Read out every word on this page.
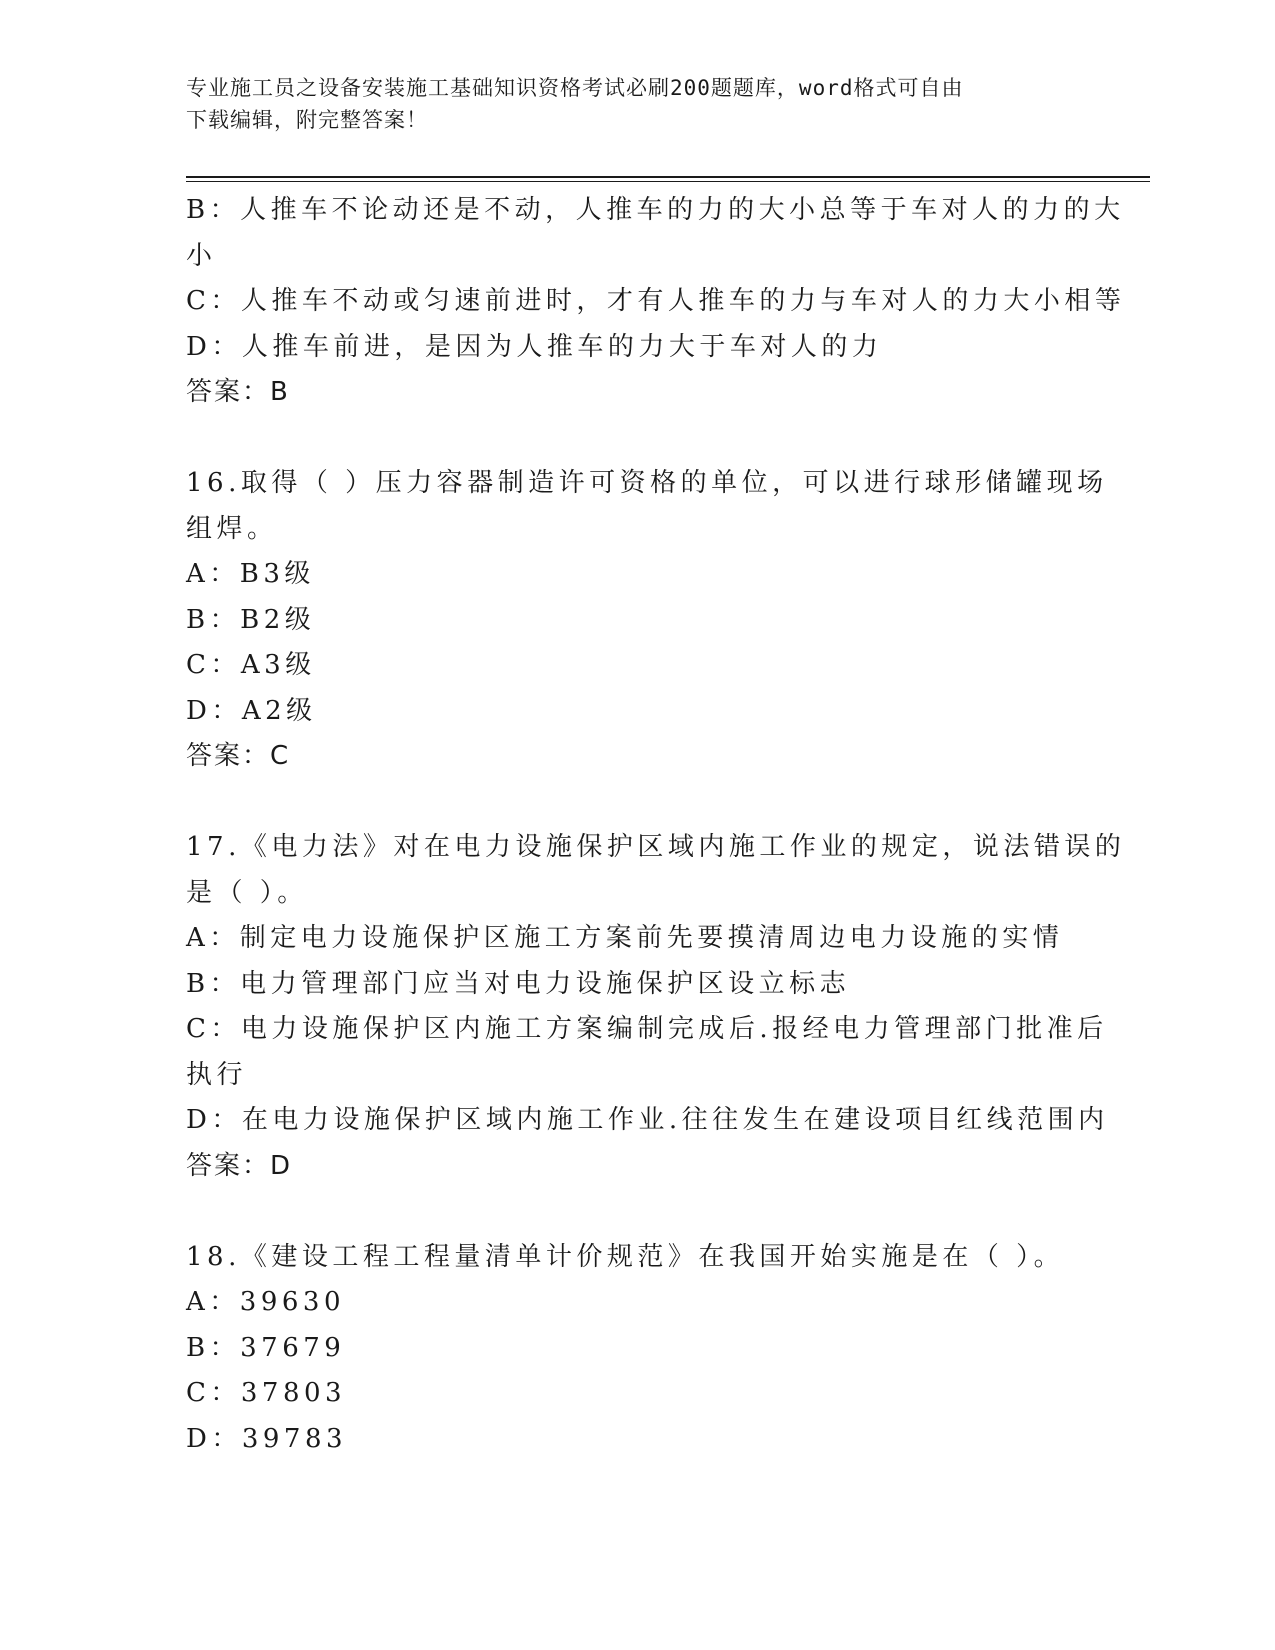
专业施工员之设备安装施工基础知识资格考试必刷200题题库，word格式可自由
下载编辑，附完整答案！
B：人推车不论动还是不动，人推车的力的大小总等于车对人的力的大
小
C：人推车不动或匀速前进时，才有人推车的力与车对人的力大小相等
D：人推车前进，是因为人推车的力大于车对人的力
答案：B
16.取得（ ）压力容器制造许可资格的单位，可以进行球形储罐现场
组焊。
A：B3级
B：B2级
C：A3级
D：A2级
答案：C
17.《电力法》对在电力设施保护区域内施工作业的规定，说法错误的
是（ ）。
A：制定电力设施保护区施工方案前先要摸清周边电力设施的实情
B：电力管理部门应当对电力设施保护区设立标志
C：电力设施保护区内施工方案编制完成后.报经电力管理部门批准后
执行
D：在电力设施保护区域内施工作业.往往发生在建设项目红线范围内
答案：D
18.《建设工程工程量清单计价规范》在我国开始实施是在（ ）。
A：39630
B：37679
C：37803
D：39783
